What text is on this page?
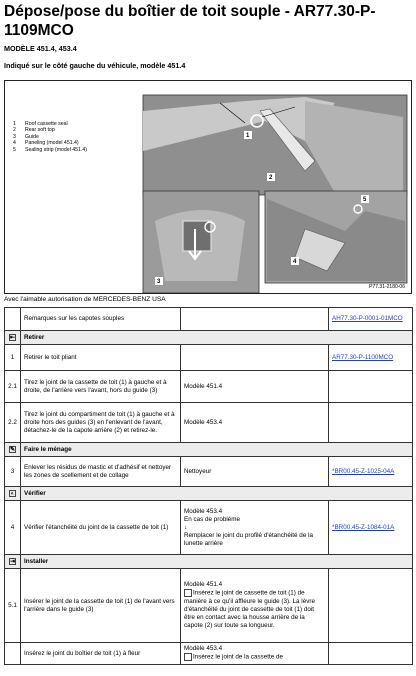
Dépose/pose du boîtier de toit souple - AR77.30-P-1109MCO
MODÈLE 451.4, 453.4
Indiqué sur le côté gauche du véhicule, modèle 451.4
1 Roof cassette seal
2 Rear soft top
3 Guide
4 Paneling (model 451.4)
5 Sealing strip (model 451.4)
1
2
3
4
5
P77.31-2180-06
Avec l'aimable autorisation de MERCEDES-BENZ USA
	Remarques sur les capotes souples		AH77.30-P-0001-01MCO
⇤	Retirer		
1	Retirer le toit pliant		AR77.30-P-1100MCO
2.1	Tirez le joint de la cassette de toit (1) à gauche et à droite, de l'arrière vers l'avant, hors du guide (3)	Modèle 451.4	
2.2	Tirez le joint du compartiment de toit (1) à gauche et à droite hors des guides (3) en l'enlevant de l'avant, détachez-le de la capote arrière (2) et retirez-le.	Modèle 453.4	
✎	Faire le ménage		
3	Enlever les résidus de mastic et d'adhésif et nettoyer les zones de scellement et de collage	Nettoyeur	*BR00.45-Z-1025-04A
◐	Vérifier		
4	Vérifier l'étanchéité du joint de la cassette de toit (1)	Modèle 453.4
En cas de problème
↓
Remplacer le joint du profilé d'étanchéité de la lunette arrière	*BR00.45-Z-1084-01A
⇥	Installer		
5.1	Insérer le joint de la cassette de toit (1) de l'avant vers l'arrière dans le guide (3)	Modèle 451.4
Insérez le joint de cassette de toit (1) de manière à ce qu'il affleure le guide (3). La lèvre d'étanchéité du joint de cassette de toit (1) doit être en contact avec la housse arrière de la capote (2) sur toute sa longueur.	

	Insérez le joint du boîtier de toit (1) à fleur	Modèle 453.4
Insérez le joint de la cassette de	
